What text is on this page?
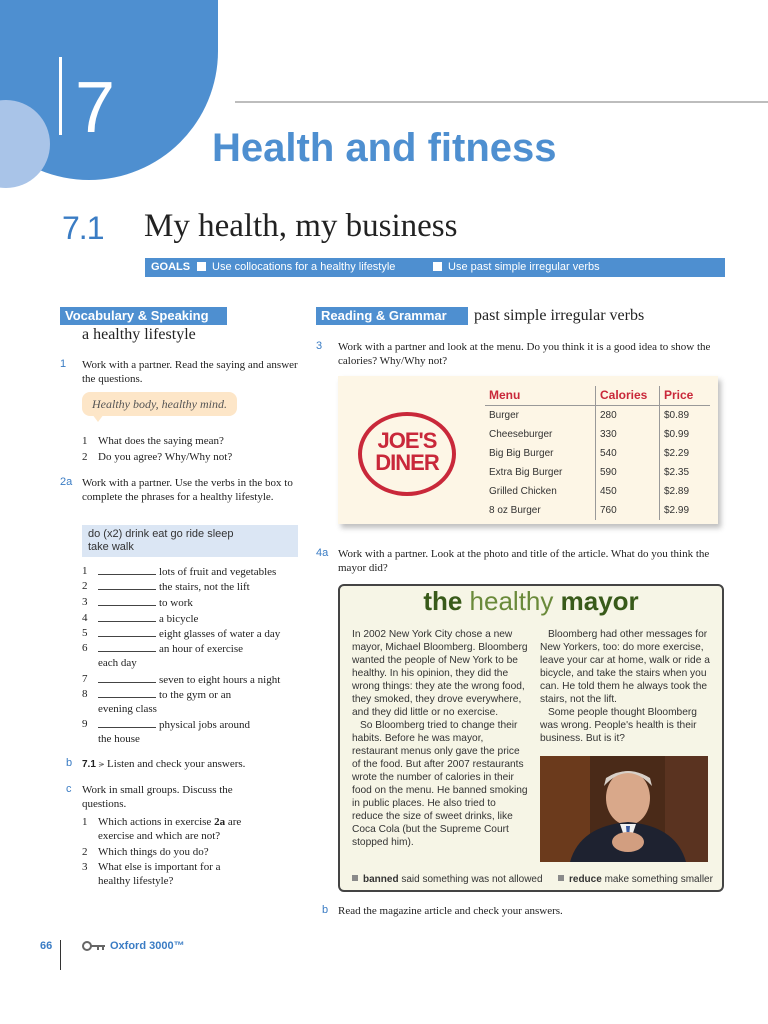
7 Health and fitness
7.1 My health, my business
GOALS	Use collocations for a healthy lifestyle	Use past simple irregular verbs
Vocabulary & Speaking
a healthy lifestyle
1 Work with a partner. Read the saying and answer the questions.
Healthy body, healthy mind.
1 What does the saying mean?
2 Do you agree? Why/Why not?
2a Work with a partner. Use the verbs in the box to complete the phrases for a healthy lifestyle.
do (x2) drink eat go ride sleep
take walk
1	lots of fruit and vegetables
2	the stairs, not the lift
3	to work
4	a bicycle
5	eight glasses of water a day
6	an hour of exercise
each day
7	seven to eight hours a night
8	to the gym or an
evening class
9	physical jobs around
the house
b 7.1 ⪫ Listen and check your answers.
c Work in small groups. Discuss the questions.
1 Which actions in exercise 2a are
exercise and which are not?
2 Which things do you do?
3 What else is important for a
healthy lifestyle?
Reading & Grammar	past simple irregular verbs
3 Work with a partner and look at the menu. Do you think it is a good idea to show the calories? Why/Why not?
JOE'S
DINER
Menu	Calories	Price
Burger	280	$0.89
Cheeseburger	330	$0.99
Big Big Burger	540	$2.29
Extra Big Burger	590	$2.35
Grilled Chicken	450	$2.89
8 oz Burger	760	$2.99
4a Work with a partner. Look at the photo and title of the article. What do you think the mayor did?
the healthy mayor
In 2002 New York City chose a new mayor, Michael Bloomberg. Bloomberg wanted the people of New York to be healthy. In his opinion, they did the wrong things: they ate the wrong food, they smoked, they drove everywhere, and they did little or no exercise.
So Bloomberg tried to change their habits. Before he was mayor, restaurant menus only gave the price of the food. But after 2007 restaurants wrote the number of calories in their food on the menu. He banned smoking in public places. He also tried to reduce the size of sweet drinks, like Coca Cola (but the Supreme Court stopped him).
Bloomberg had other messages for New Yorkers, too: do more exercise, leave your car at home, walk or ride a bicycle, and take the stairs when you can. He told them he always took the stairs, not the lift.
Some people thought Bloomberg was wrong. People's health is their business. But is it?
banned said something was not allowed	reduce make something smaller
b Read the magazine article and check your answers.
66	Oxford 3000™
